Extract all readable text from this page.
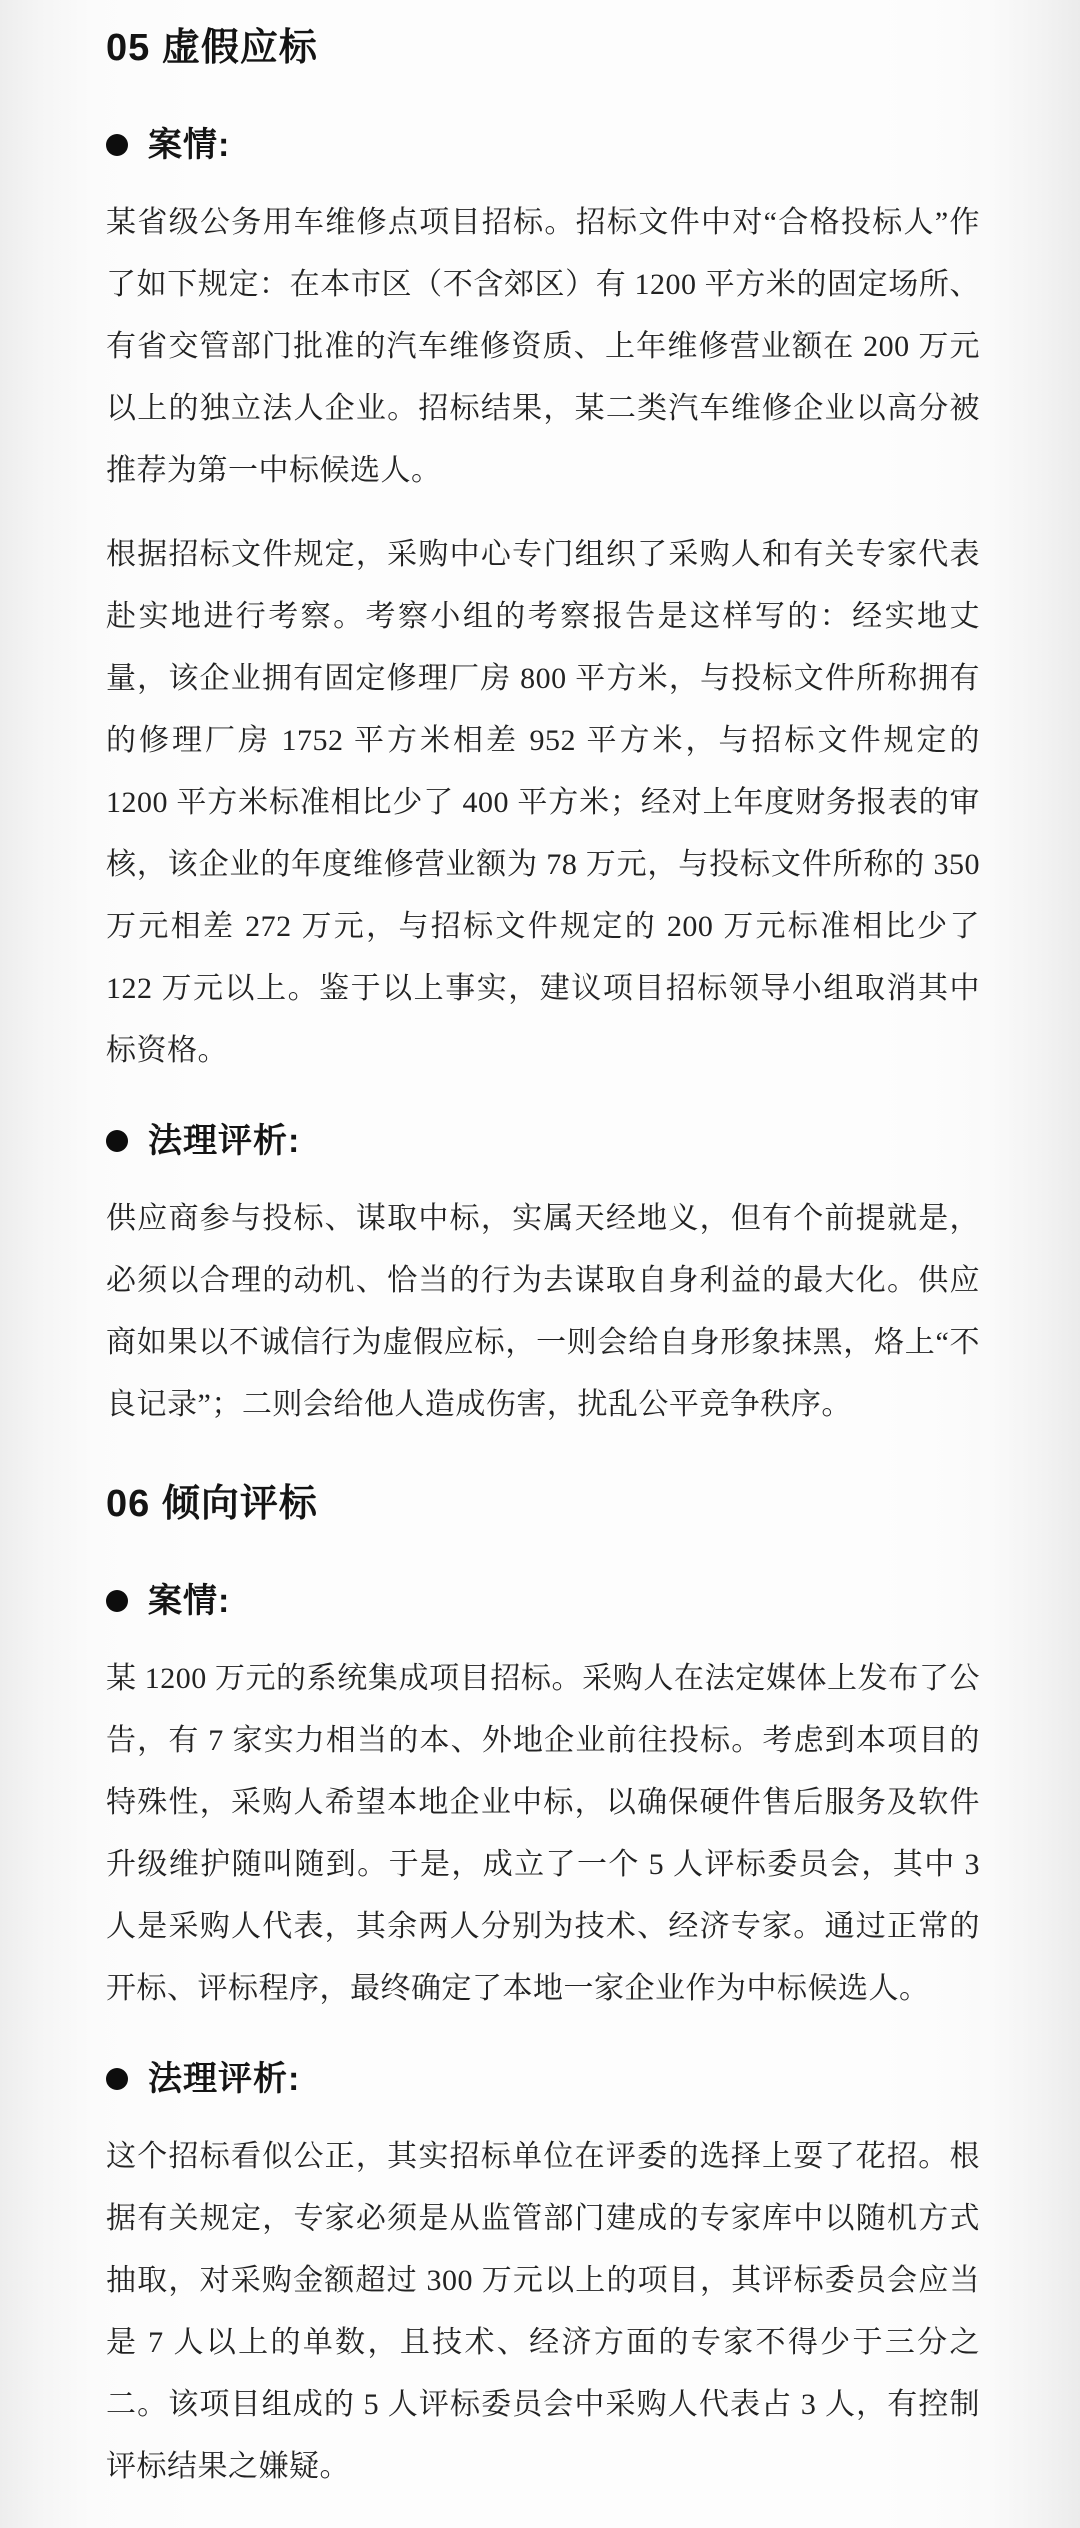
05 虚假应标
案情:

某省级公务用车维修点项目招标。招标文件中对“合格投标人”作了如下规定：在本市区（不含郊区）有 1200 平方米的固定场所、有省交管部门批准的汽车维修资质、上年维修营业额在 200 万元以上的独立法人企业。招标结果，某二类汽车维修企业以高分被推荐为第一中标候选人。

根据招标文件规定，采购中心专门组织了采购人和有关专家代表赴实地进行考察。考察小组的考察报告是这样写的：经实地丈量，该企业拥有固定修理厂房 800 平方米，与投标文件所称拥有的修理厂房 1752 平方米相差 952 平方米，与招标文件规定的 1200 平方米标准相比少了 400 平方米；经对上年度财务报表的审核，该企业的年度维修营业额为 78 万元，与投标文件所称的 350 万元相差 272 万元，与招标文件规定的 200 万元标准相比少了 122 万元以上。鉴于以上事实，建议项目招标领导小组取消其中标资格。

法理评析:

供应商参与投标、谋取中标，实属天经地义，但有个前提就是，必须以合理的动机、恰当的行为去谋取自身利益的最大化。供应商如果以不诚信行为虚假应标，一则会给自身形象抹黑，烙上“不良记录”；二则会给他人造成伤害，扰乱公平竞争秩序。

06 倾向评标
案情:

某 1200 万元的系统集成项目招标。采购人在法定媒体上发布了公告，有 7 家实力相当的本、外地企业前往投标。考虑到本项目的特殊性，采购人希望本地企业中标，以确保硬件售后服务及软件升级维护随叫随到。于是，成立了一个 5 人评标委员会，其中 3 人是采购人代表，其余两人分别为技术、经济专家。通过正常的开标、评标程序，最终确定了本地一家企业作为中标候选人。

法理评析:

这个招标看似公正，其实招标单位在评委的选择上耍了花招。根据有关规定，专家必须是从监管部门建成的专家库中以随机方式抽取，对采购金额超过 300 万元以上的项目，其评标委员会应当是 7 人以上的单数，且技术、经济方面的专家不得少于三分之二。该项目组成的 5 人评标委员会中采购人代表占 3 人，有控制评标结果之嫌疑。
